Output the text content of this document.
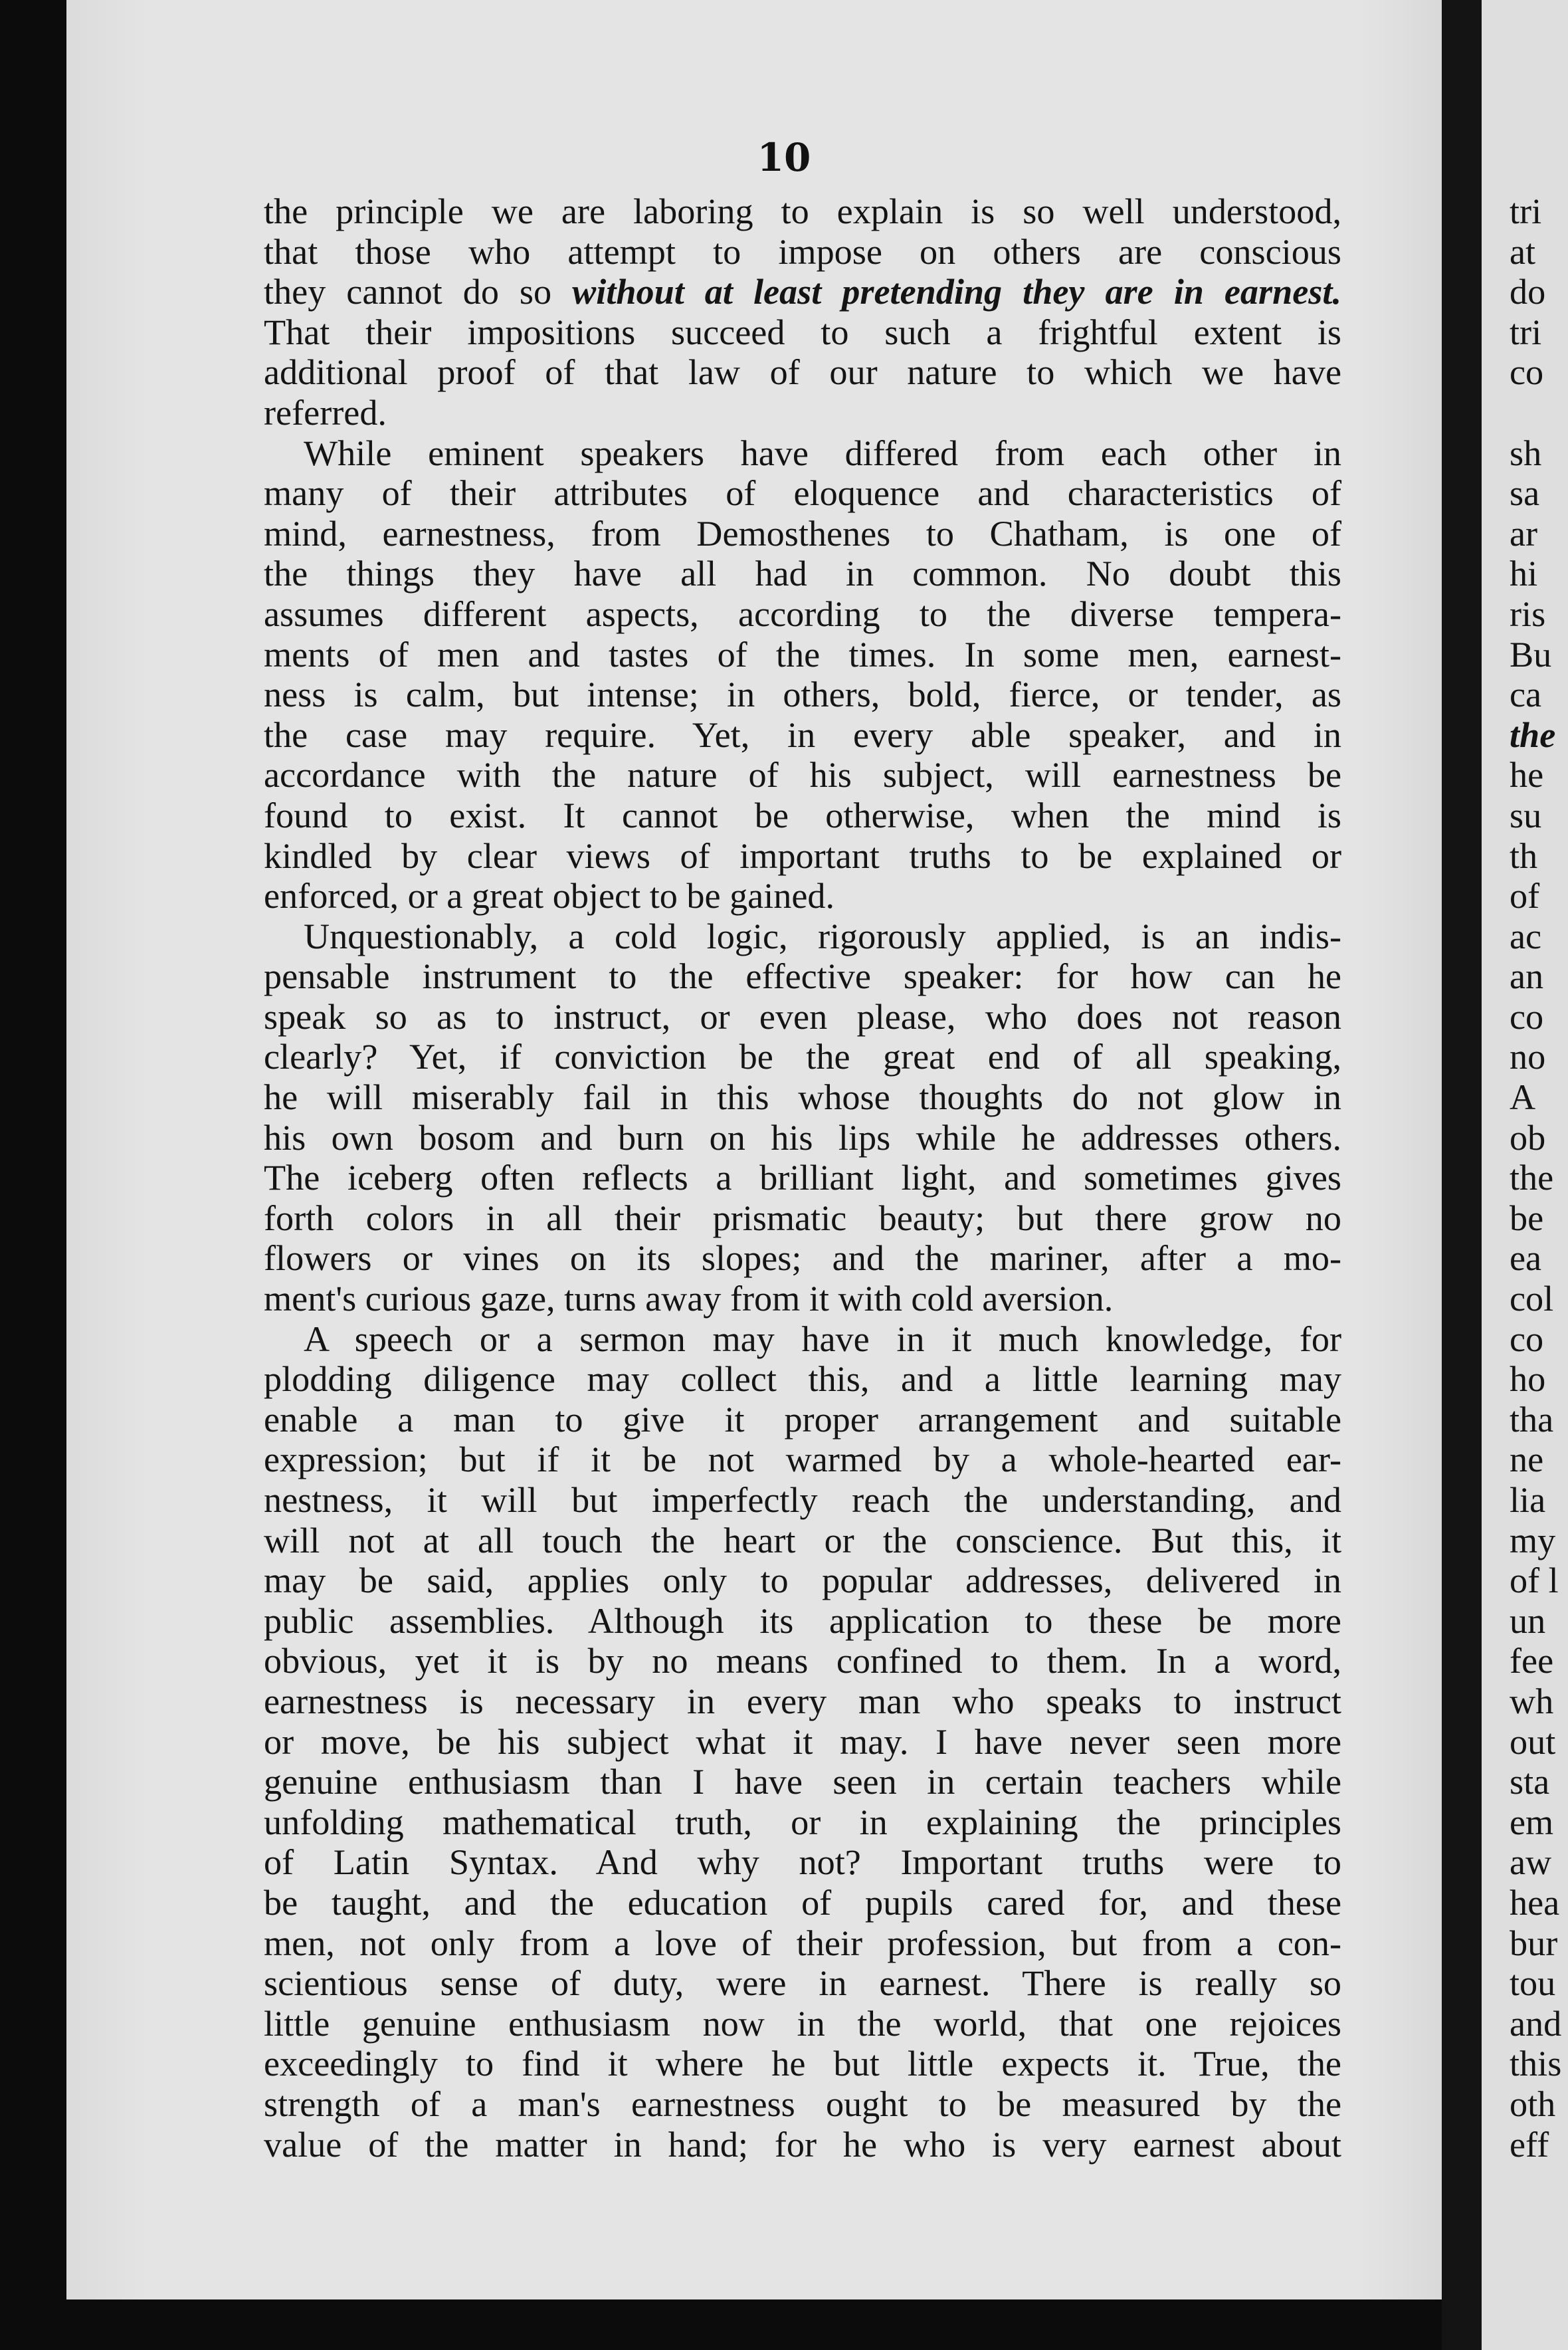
10
the principle we are laboring to explain is so well understood,
that those who attempt to impose on others are conscious
they cannot do so without at least pretending they are in earnest.
That their impositions succeed to such a frightful extent is
additional proof of that law of our nature to which we have
referred.
While eminent speakers have differed from each other in
many of their attributes of eloquence and characteristics of
mind, earnestness, from Demosthenes to Chatham, is one of
the things they have all had in common. No doubt this
assumes different aspects, according to the diverse tempera-
ments of men and tastes of the times. In some men, earnest-
ness is calm, but intense; in others, bold, fierce, or tender, as
the case may require. Yet, in every able speaker, and in
accordance with the nature of his subject, will earnestness be
found to exist. It cannot be otherwise, when the mind is
kindled by clear views of important truths to be explained or
enforced, or a great object to be gained.
Unquestionably, a cold logic, rigorously applied, is an indis-
pensable instrument to the effective speaker: for how can he
speak so as to instruct, or even please, who does not reason
clearly? Yet, if conviction be the great end of all speaking,
he will miserably fail in this whose thoughts do not glow in
his own bosom and burn on his lips while he addresses others.
The iceberg often reflects a brilliant light, and sometimes gives
forth colors in all their prismatic beauty; but there grow no
flowers or vines on its slopes; and the mariner, after a mo-
ment's curious gaze, turns away from it with cold aversion.
A speech or a sermon may have in it much knowledge, for
plodding diligence may collect this, and a little learning may
enable a man to give it proper arrangement and suitable
expression; but if it be not warmed by a whole-hearted ear-
nestness, it will but imperfectly reach the understanding, and
will not at all touch the heart or the conscience. But this, it
may be said, applies only to popular addresses, delivered in
public assemblies. Although its application to these be more
obvious, yet it is by no means confined to them. In a word,
earnestness is necessary in every man who speaks to instruct
or move, be his subject what it may. I have never seen more
genuine enthusiasm than I have seen in certain teachers while
unfolding mathematical truth, or in explaining the principles
of Latin Syntax. And why not? Important truths were to
be taught, and the education of pupils cared for, and these
men, not only from a love of their profession, but from a con-
scientious sense of duty, were in earnest. There is really so
little genuine enthusiasm now in the world, that one rejoices
exceedingly to find it where he but little expects it. True, the
strength of a man's earnestness ought to be measured by the
value of the matter in hand; for he who is very earnest about
tri
at
do
tri
co
sh
sa
ar
hi
ris
Bu
ca
the
he
su
th
of
ac
an
co
no
A
ob
the
be
ea
col
co
ho
tha
ne
lia
my
of l
un
fee
wh
out
sta
em
aw
hea
bur
tou
and
this
oth
eff
